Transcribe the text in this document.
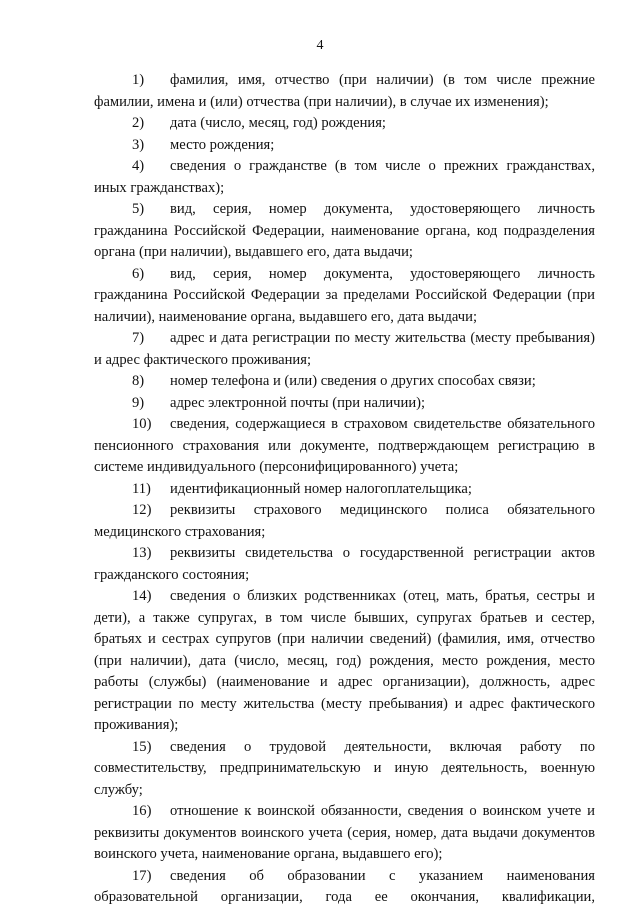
4

1) фамилия, имя, отчество (при наличии) (в том числе прежние фамилии, имена и (или) отчества (при наличии), в случае их изменения);

2) дата (число, месяц, год) рождения;

3) место рождения;

4) сведения о гражданстве (в том числе о прежних гражданствах, иных гражданствах);

5) вид, серия, номер документа, удостоверяющего личность гражданина Российской Федерации, наименование органа, код подразделения органа (при наличии), выдавшего его, дата выдачи;

6) вид, серия, номер документа, удостоверяющего личность гражданина Российской Федерации за пределами Российской Федерации (при наличии), наименование органа, выдавшего его, дата выдачи;

7) адрес и дата регистрации по месту жительства (месту пребывания) и адрес фактического проживания;

8) номер телефона и (или) сведения о других способах связи;

9) адрес электронной почты (при наличии);

10) сведения, содержащиеся в страховом свидетельстве обязательного пенсионного страхования или документе, подтверждающем регистрацию в системе индивидуального (персонифицированного) учета;

11) идентификационный номер налогоплательщика;

12) реквизиты страхового медицинского полиса обязательного медицинского страхования;

13) реквизиты свидетельства о государственной регистрации актов гражданского состояния;

14) сведения о близких родственниках (отец, мать, братья, сестры и дети), а также супругах, в том числе бывших, супругах братьев и сестер, братьях и сестрах супругов (при наличии сведений) (фамилия, имя, отчество (при наличии), дата (число, месяц, год) рождения, место рождения, место работы (службы) (наименование и адрес организации), должность, адрес регистрации по месту жительства (месту пребывания) и адрес фактического проживания);

15) сведения о трудовой деятельности, включая работу по совместительству, предпринимательскую и иную деятельность, военную службу;

16) отношение к воинской обязанности, сведения о воинском учете и реквизиты документов воинского учета (серия, номер, дата выдачи документов воинского учета, наименование органа, выдавшего его);

17) сведения об образовании с указанием наименования образовательной организации, года ее окончания, квалификации,
